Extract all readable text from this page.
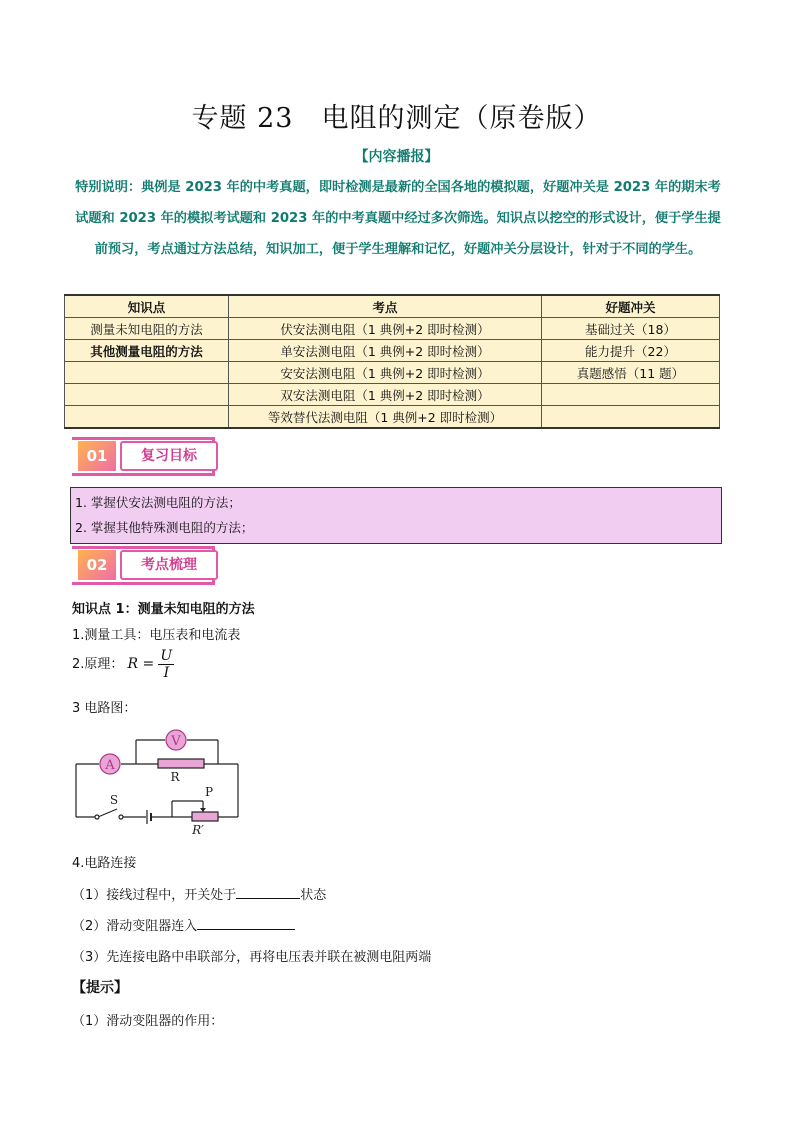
专题 23　电阻的测定（原卷版）
【内容播报】
特别说明：典例是 2023 年的中考真题，即时检测是最新的全国各地的模拟题，好题冲关是 2023 年的期末考试题和 2023 年的模拟考试题和 2023 年的中考真题中经过多次筛选。知识点以挖空的形式设计，便于学生提前预习，考点通过方法总结，知识加工，便于学生理解和记忆，好题冲关分层设计，针对于不同的学生。
知识点	考点	好题冲关
测量未知电阻的方法	伏安法测电阻（1 典例+2 即时检测）	基础过关（18）
其他测量电阻的方法	单安法测电阻（1 典例+2 即时检测）	能力提升（22）
	安安法测电阻（1 典例+2 即时检测）	真题感悟（11 题）
	双安法测电阻（1 典例+2 即时检测）	
	等效替代法测电阻（1 典例+2 即时检测）	
01	复习目标
1. 掌握伏安法测电阻的方法；
2. 掌握其他特殊测电阻的方法；
02	考点梳理
知识点 1：测量未知电阻的方法
1.测量工具：电压表和电流表
2.原理： $R = \frac{U}{I}$
3 电路图：
A
V
R
S
P
R′
4.电路连接
（1）接线过程中，开关处于	状态
（2）滑动变阻器连入
（3）先连接电路中串联部分，再将电压表并联在被测电阻两端
【提示】
（1）滑动变阻器的作用：
